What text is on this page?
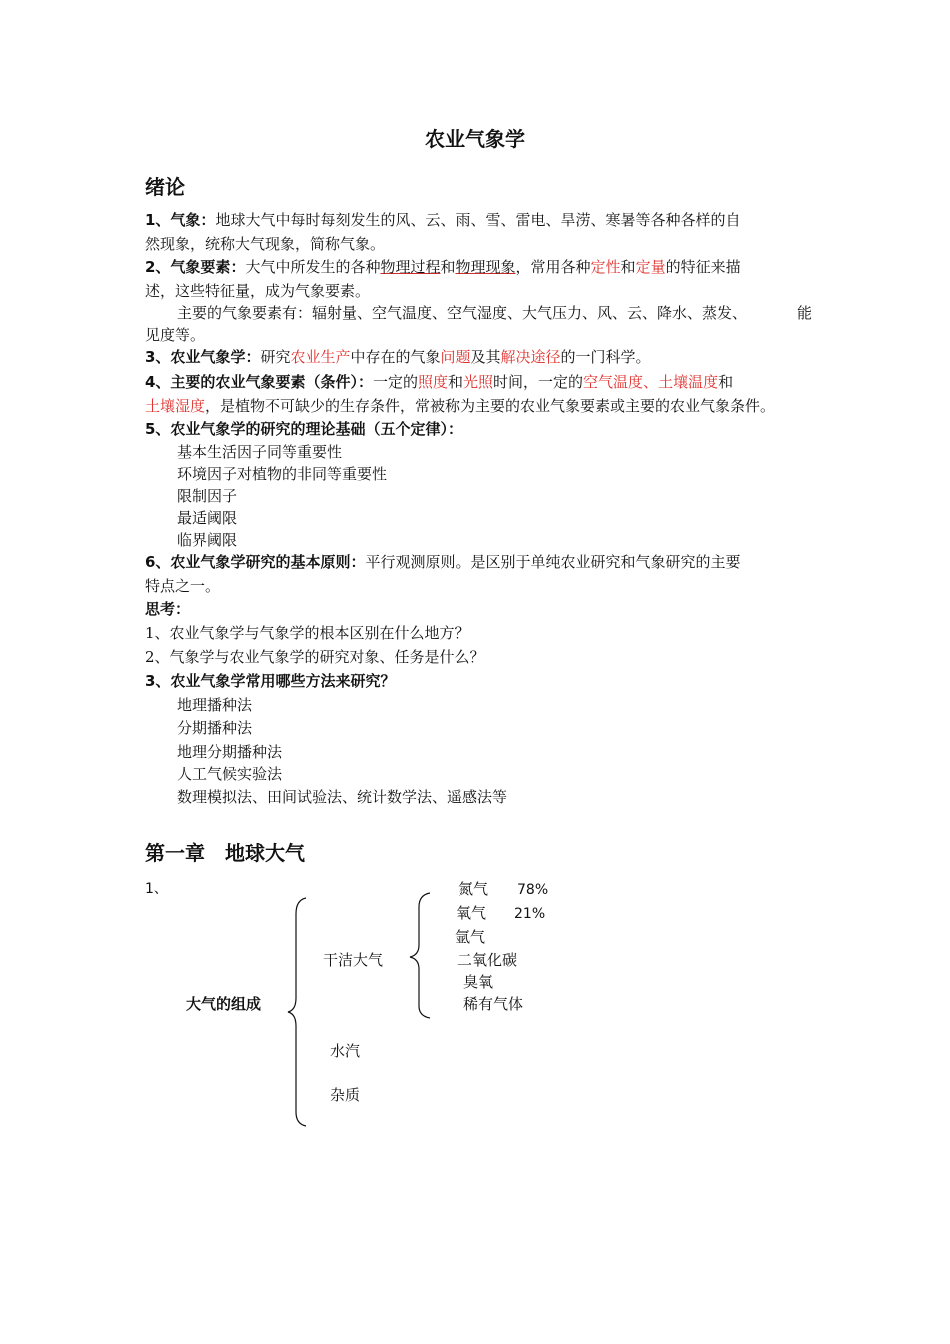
农业气象学
绪论
1、气象：地球大气中每时每刻发生的风、云、雨、雪、雷电、旱涝、寒暑等各种各样的自
然现象，统称大气现象，简称气象。
2、气象要素：大气中所发生的各种物理过程和物理现象，常用各种定性和定量的特征来描
述，这些特征量，成为气象要素。
主要的气象要素有：辐射量、空气温度、空气湿度、大气压力、风、云、降水、蒸发、	能
见度等。
3、农业气象学：研究农业生产中存在的气象问题及其解决途径的一门科学。
4、主要的农业气象要素（条件）：一定的照度和光照时间，一定的空气温度、土壤温度和
土壤湿度，是植物不可缺少的生存条件，常被称为主要的农业气象要素或主要的农业气象条件。
5、农业气象学的研究的理论基础（五个定律）：
基本生活因子同等重要性
环境因子对植物的非同等重要性
限制因子
最适阈限
临界阈限
6、农业气象学研究的基本原则：平行观测原则。是区别于单纯农业研究和气象研究的主要
特点之一。
思考：
1、农业气象学与气象学的根本区别在什么地方？
2、气象学与农业气象学的研究对象、任务是什么？
3、农业气象学常用哪些方法来研究？
地理播种法
分期播种法
地理分期播种法
人工气候实验法
数理模拟法、田间试验法、统计数学法、遥感法等
第一章　地球大气
1、
大气的组成
干洁大气
水汽
杂质
氮气 78%
氧气 21%
氩气
二氧化碳
臭氧
稀有气体
